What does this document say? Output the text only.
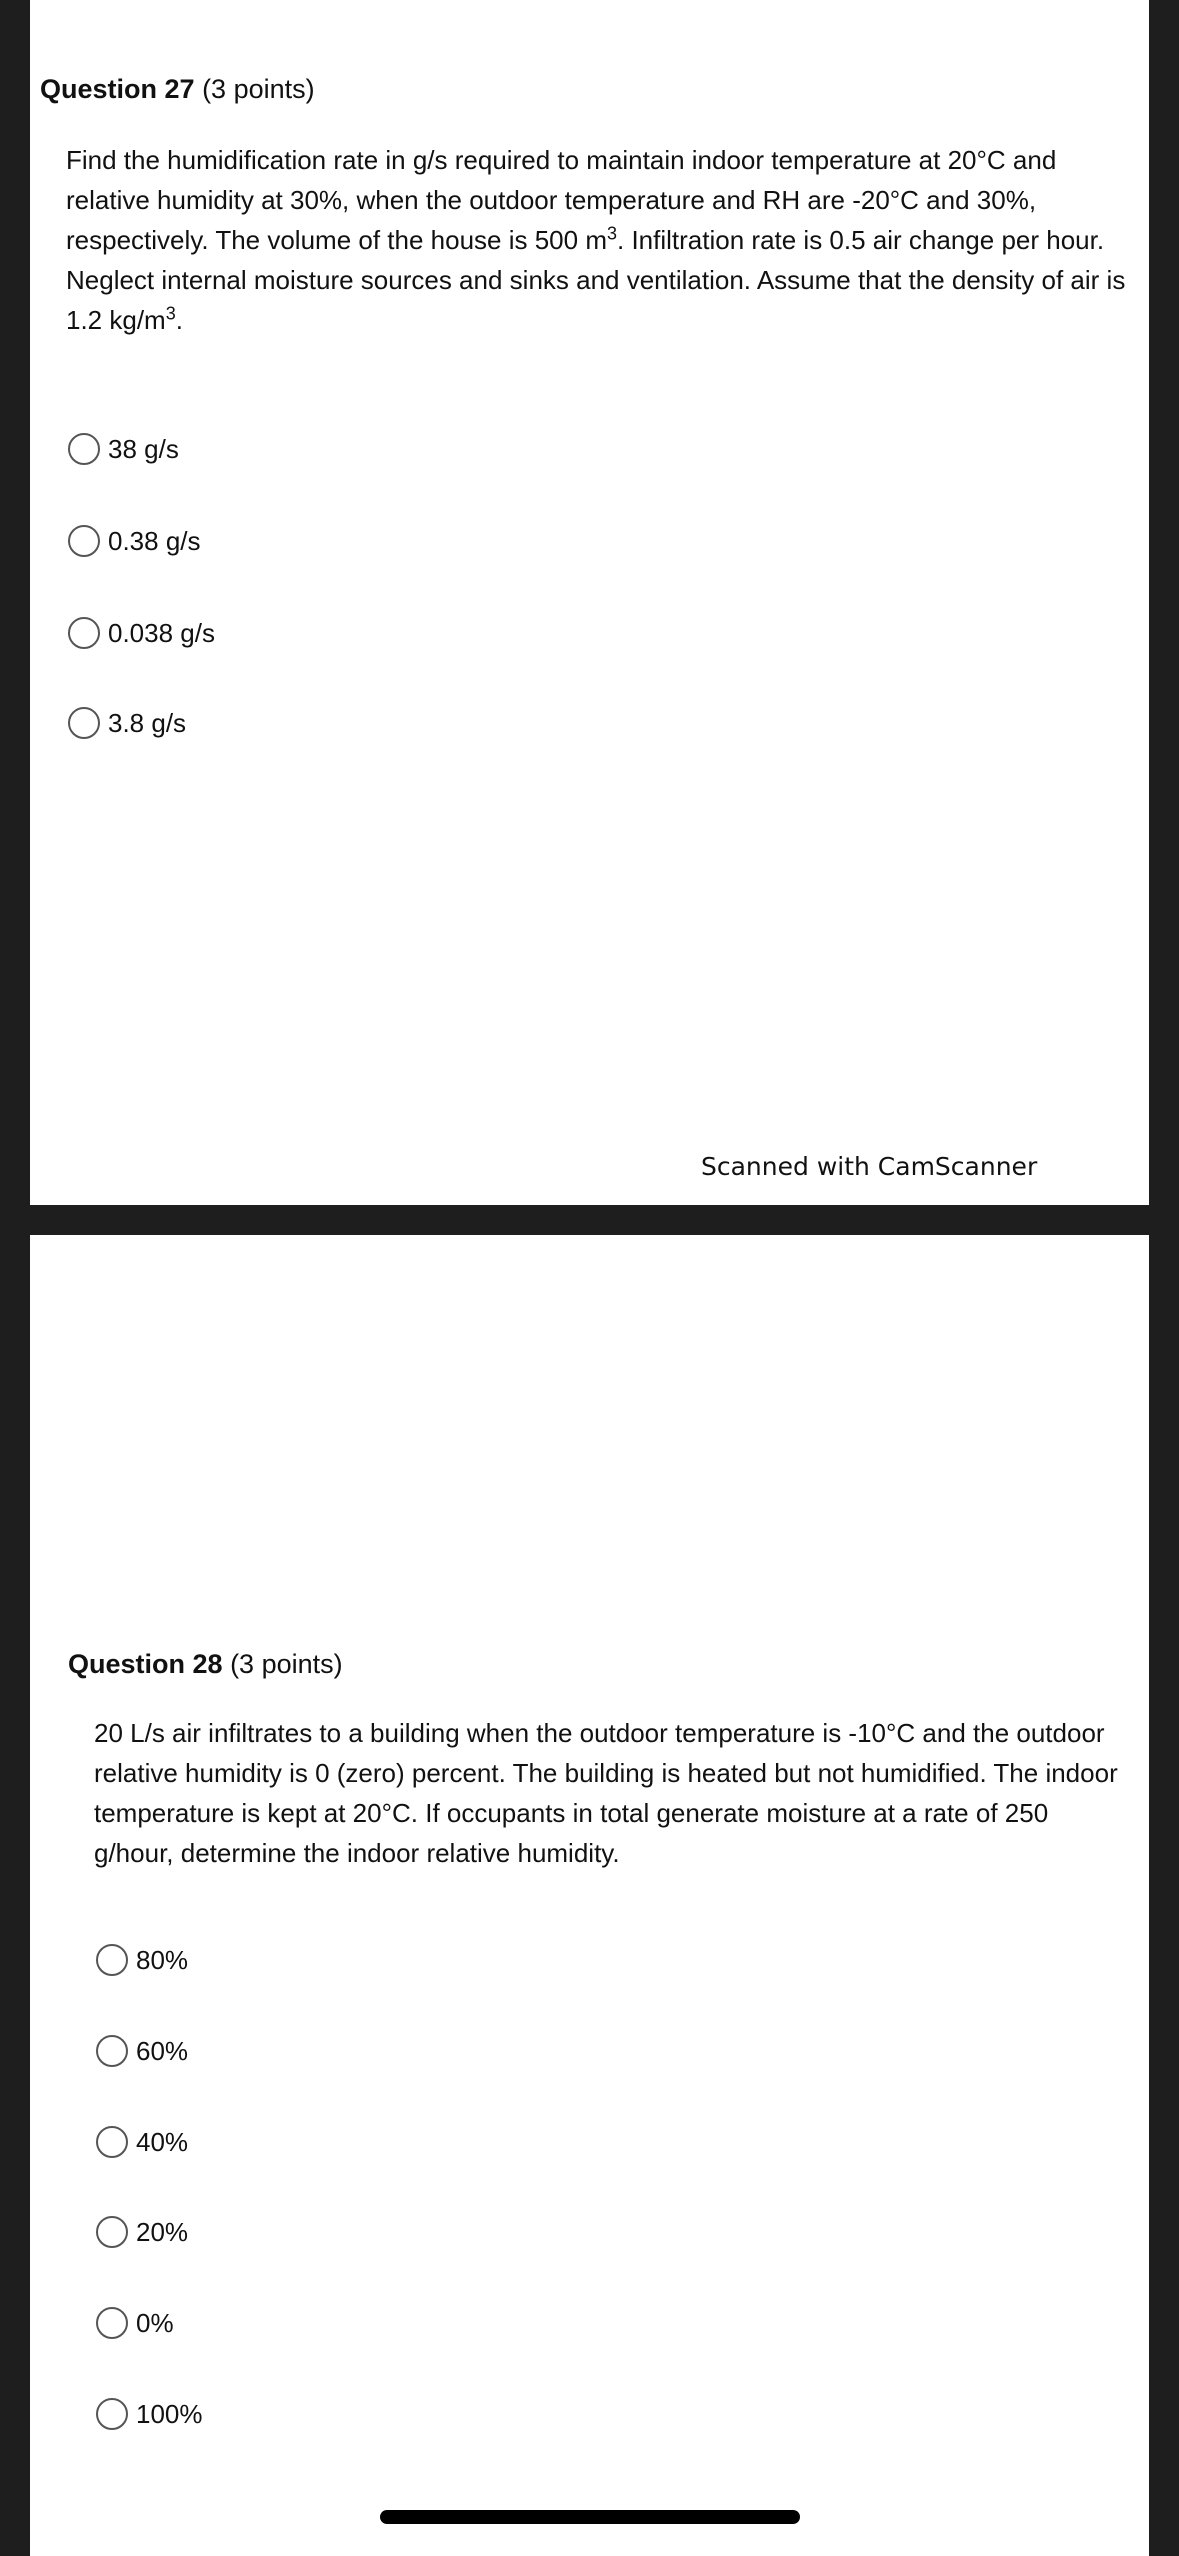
Question 27 (3 points)
Find the humidification rate in g/s required to maintain indoor temperature at 20°C and relative humidity at 30%, when the outdoor temperature and RH are -20°C and 30%, respectively. The volume of the house is 500 $m^3$. Infiltration rate is 0.5 air change per hour. Neglect internal moisture sources and sinks and ventilation. Assume that the density of air is 1.2 $kg/m^3$.
38 g/s
0.38 g/s
0.038 g/s
3.8 g/s
Scanned with CamScanner
Question 28 (3 points)
20 L/s air infiltrates to a building when the outdoor temperature is -10°C and the outdoor relative humidity is 0 (zero) percent. The building is heated but not humidified. The indoor temperature is kept at 20°C. If occupants in total generate moisture at a rate of 250 g/hour, determine the indoor relative humidity.
80%
60%
40%
20%
0%
100%
